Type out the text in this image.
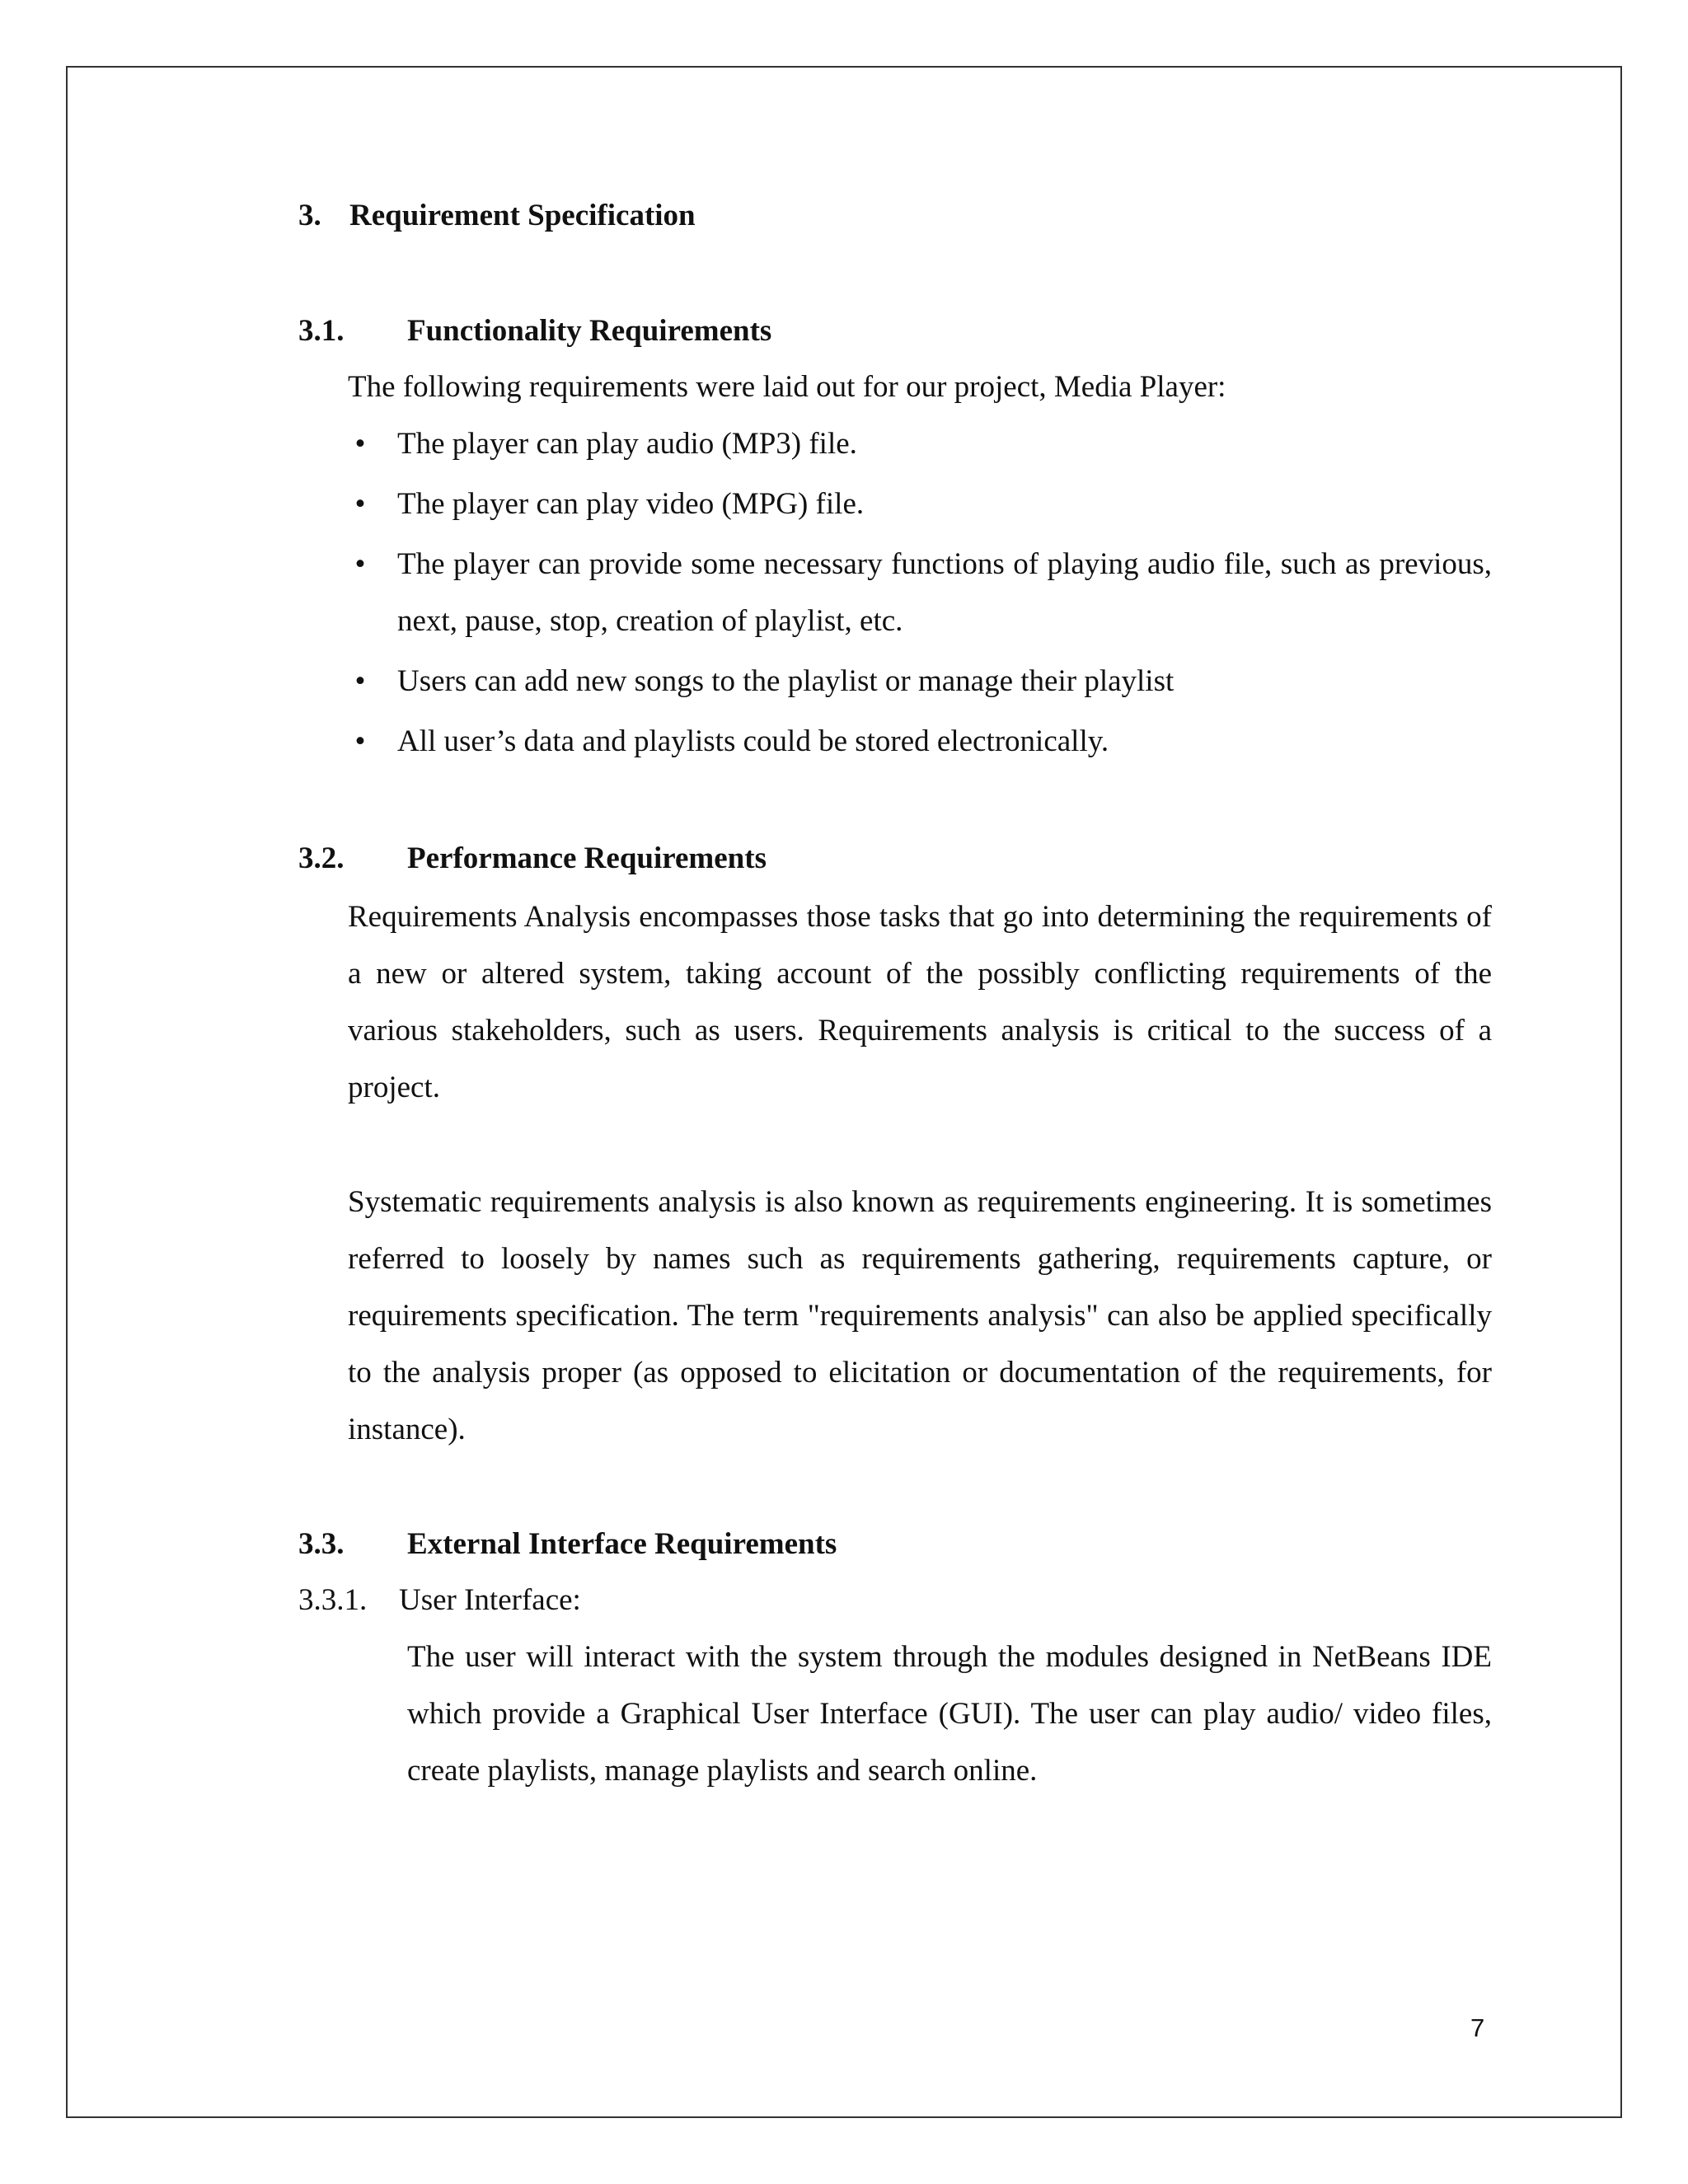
3. Requirement Specification
3.1. Functionality Requirements
The following requirements were laid out for our project, Media Player:
• The player can play audio (MP3) file.
• The player can play video (MPG) file.
• The player can provide some necessary functions of playing audio file, such as previous, next, pause, stop, creation of playlist, etc.
• Users can add new songs to the playlist or manage their playlist
• All user’s data and playlists could be stored electronically.
3.2. Performance Requirements
Requirements Analysis encompasses those tasks that go into determining the requirements of a new or altered system, taking account of the possibly conflicting requirements of the various stakeholders, such as users. Requirements analysis is critical to the success of a project.
Systematic requirements analysis is also known as requirements engineering. It is sometimes referred to loosely by names such as requirements gathering, requirements capture, or requirements specification. The term "requirements analysis" can also be applied specifically to the analysis proper (as opposed to elicitation or documentation of the requirements, for instance).
3.3. External Interface Requirements
3.3.1. User Interface:
The user will interact with the system through the modules designed in NetBeans IDE which provide a Graphical User Interface (GUI). The user can play audio/ video files, create playlists, manage playlists and search online.
7
